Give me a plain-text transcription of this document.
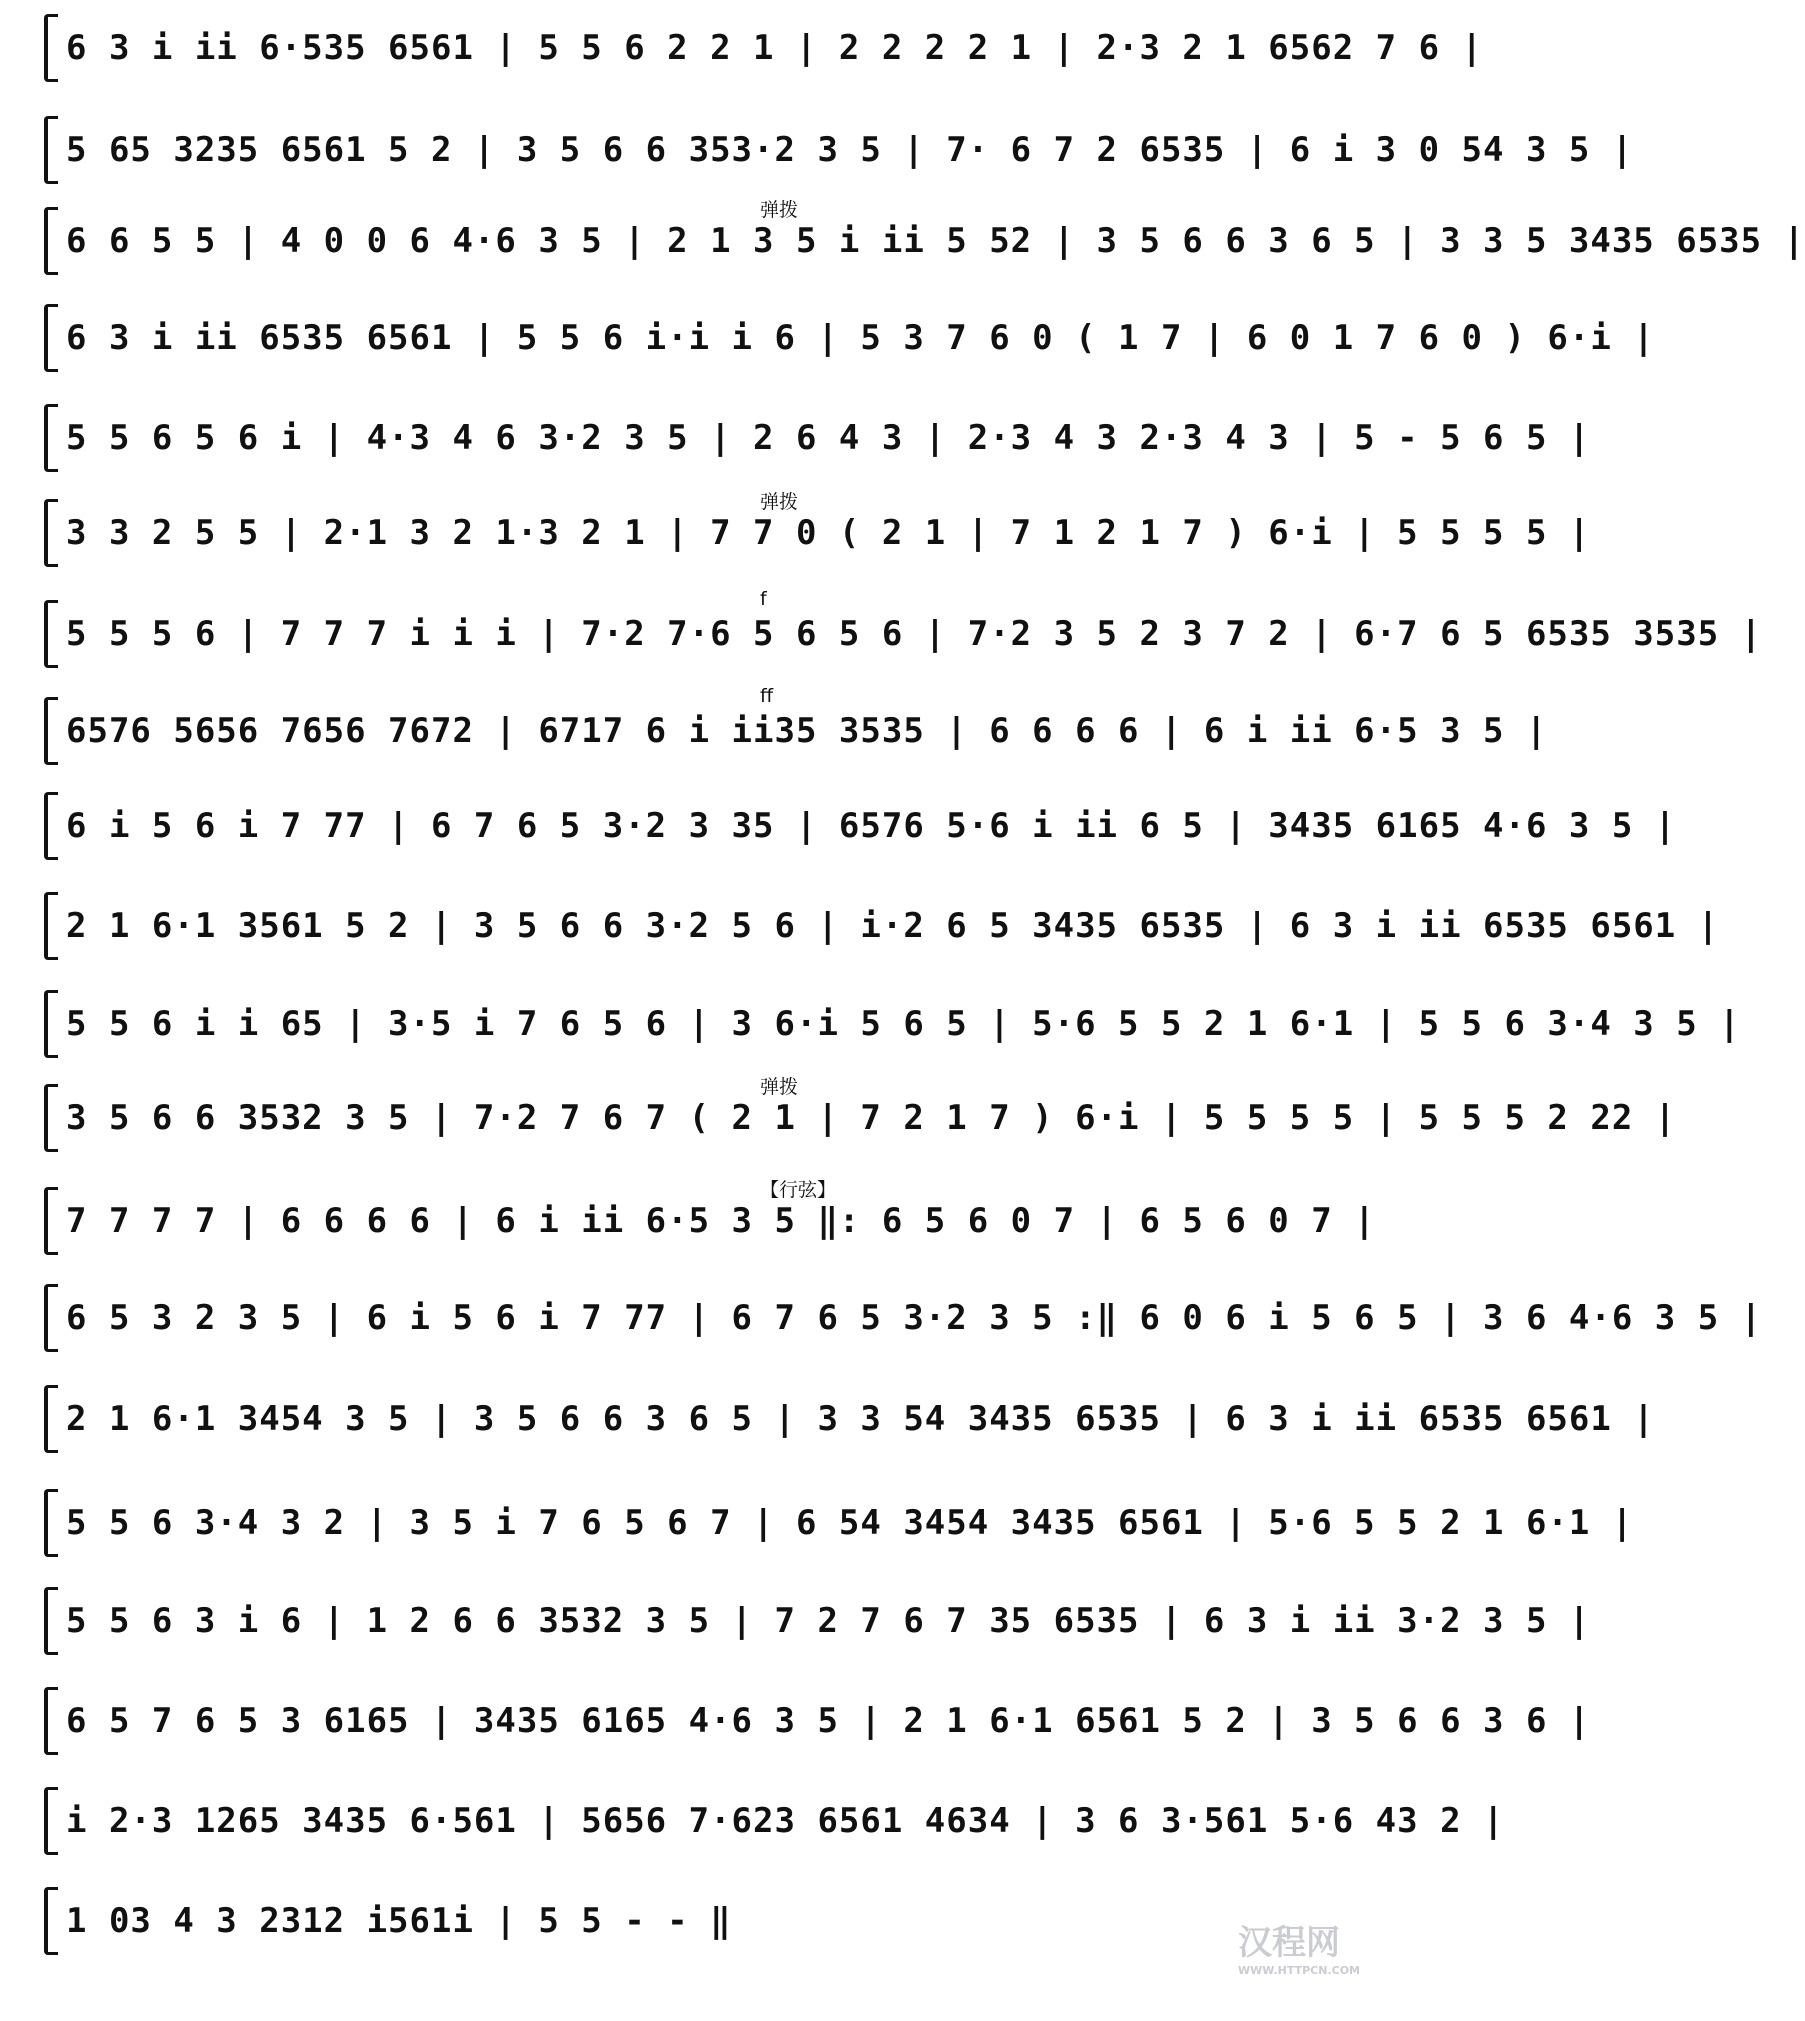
6 3 i ii 6·535 6561 | 5 5 6 2 2 1 | 2 2 2 2 1 | 2·3 2 1 6562 7 6 |
5 65 3235 6561 5 2 | 3 5 6 6 353·2 3 5 | 7· 6 7 2 6535 | 6 i 3 0 54 3 5 |
6 6 5 5 | 4 0 0 6 4·6 3 5 | 2 1 3 5 i ii 5 52 | 3 5 6 6 3 6 5 | 3 3 5 3435 6535 |
弹拨
6 3 i ii 6535 6561 | 5 5 6 i·i i 6 | 5 3 7 6 0 ( 1 7 | 6 0 1 7 6 0 ) 6·i |
5 5 6 5 6 i | 4·3 4 6 3·2 3 5 | 2 6 4 3 | 2·3 4 3 2·3 4 3 | 5 - 5 6 5 |
3 3 2 5 5 | 2·1 3 2 1·3 2 1 | 7 7 0 ( 2 1 | 7 1 2 1 7 ) 6·i | 5 5 5 5 |
弹拨
5 5 5 6 | 7 7 7 i i i | 7·2 7·6 5 6 5 6 | 7·2 3 5 2 3 7 2 | 6·7 6 5 6535 3535 |
f
6576 5656 7656 7672 | 6717 6 i ii35 3535 | 6 6 6 6 | 6 i ii 6·5 3 5 |
ff
6 i 5 6 i 7 77 | 6 7 6 5 3·2 3 35 | 6576 5·6 i ii 6 5 | 3435 6165 4·6 3 5 |
2 1 6·1 3561 5 2 | 3 5 6 6 3·2 5 6 | i·2 6 5 3435 6535 | 6 3 i ii 6535 6561 |
5 5 6 i i 65 | 3·5 i 7 6 5 6 | 3 6·i 5 6 5 | 5·6 5 5 2 1 6·1 | 5 5 6 3·4 3 5 |
3 5 6 6 3532 3 5 | 7·2 7 6 7 ( 2 1 | 7 2 1 7 ) 6·i | 5 5 5 5 | 5 5 5 2 22 |
弹拨
7 7 7 7 | 6 6 6 6 | 6 i ii 6·5 3 5 ‖: 6 5 6 0 7 | 6 5 6 0 7 |
【行弦】
6 5 3 2 3 5 | 6 i 5 6 i 7 77 | 6 7 6 5 3·2 3 5 :‖ 6 0 6 i 5 6 5 | 3 6 4·6 3 5 |
2 1 6·1 3454 3 5 | 3 5 6 6 3 6 5 | 3 3 54 3435 6535 | 6 3 i ii 6535 6561 |
5 5 6 3·4 3 2 | 3 5 i 7 6 5 6 7 | 6 54 3454 3435 6561 | 5·6 5 5 2 1 6·1 |
5 5 6 3 i 6 | 1 2 6 6 3532 3 5 | 7 2 7 6 7 35 6535 | 6 3 i ii 3·2 3 5 |
6 5 7 6 5 3 6165 | 3435 6165 4·6 3 5 | 2 1 6·1 6561 5 2 | 3 5 6 6 3 6 |
i 2·3 1265 3435 6·561 | 5656 7·623 6561 4634 | 3 6 3·561 5·6 43 2 |
1 03 4 3 2312 i561i | 5 5 - - ‖
汉程网
WWW.HTTPCN.COM
